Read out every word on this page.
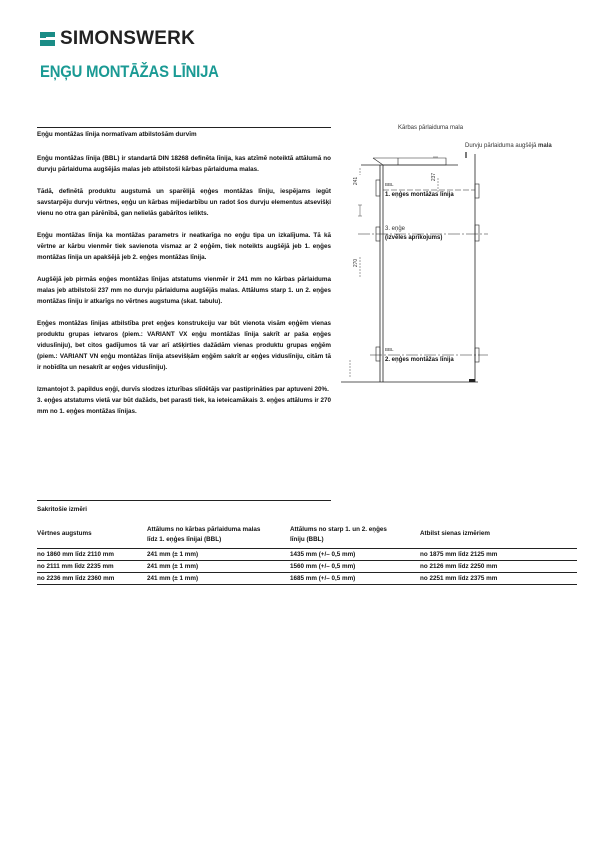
SIMONSWERK
EŅĢU MONTĀŽAS LĪNIJA
Eņģu montāžas līnija normatīvam atbilstošām durvīm

Eņģu montāžas līnija (BBL) ir standartā DIN 18268 definēta līnija, kas atzīmē noteiktā attālumā no durvju pārlaiduma augšējās malas jeb atbilstoši kārbas pārlaiduma malas.

Tādā, definētā produktu augstumā un sparēlijā eņģes montāžas līniju, iespējams iegūt savstarpēju durvju vērtnes, eņģu un kārbas mijiedarbību un radot šos durvju elementus atsevišķi vienu no otra gan pārēnībā, gan nelielās gabārītos ielikts.

Eņģu montāžas līnija ka montāžas parametrs ir neatkarīga no eņģu tipa un izkalījuma. Tā kā vērtne ar kārbu vienmēr tiek savienota vismaz ar 2 eņģēm, tiek noteikts augšējā jeb 1. eņģes montāžas līnija un apakšējā jeb 2. eņģes montāžas līnija.

Augšējā jeb pirmās eņģes montāžas līnijas atstatums vienmēr ir 241 mm no kārbas pārlaiduma malas jeb atbilstoši 237 mm no durvju pārlaiduma augšējās malas. Attālums starp 1. un 2. eņģes montāžas līniju ir atkarīgs no vērtnes augstuma (skat. tabulu).

Eņģes montāžas līnijas atbilstība pret eņģes konstrukciju var būt vienota visām eņģēm vienas produktu grupas ietvaros (piem.: VARIANT VX eņģu montāžas līnija sakrīt ar paša eņģes viduslīniju), bet citos gadījumos tā var arī atšķirties dažādām vienas produktu grupas eņģēm (piem.: VARIANT VN eņģu montāžas līnija atsevišķām eņģēm sakrīt ar eņģes viduslīniju, citām tā ir nobīdīta un nesakrīt ar eņģes viduslīniju).

Izmantojot 3. papildus eņģi, durvīs slodzes izturības slīdētājs var pastiprināties par aptuveni 20%.

3. eņģes atstatums vietā var būt dažāds, bet parasti tiek, ka ieteicamākais 3. eņģes attālums ir 270 mm no 1. eņģes montāžas līnijas.

Kārbas pārlaiduma mala
Durvju pārlaiduma augšējā mala
241
270
237
BBL
1. eņģes montāžas līnija
3. eņģe
(izvēles aprīkojums)
BBL
2. eņģes montāžas līnija
Sakritošie izmēri
Vērtnes augstums	Attālums no kārbas pārlaiduma malas līdz 1. eņģes līnijai (BBL)	Attālums no starp 1. un 2. eņģes līniju (BBL)	Atbilst sienas izmēriem
no 1860 mm līdz 2110 mm	241 mm (± 1 mm)	1435 mm (+/– 0,5 mm)	no 1875 mm līdz 2125 mm
no 2111 mm līdz 2235 mm	241 mm (± 1 mm)	1560 mm (+/– 0,5 mm)	no 2126 mm līdz 2250 mm
no 2236 mm līdz 2360 mm	241 mm (± 1 mm)	1685 mm (+/– 0,5 mm)	no 2251 mm līdz 2375 mm
